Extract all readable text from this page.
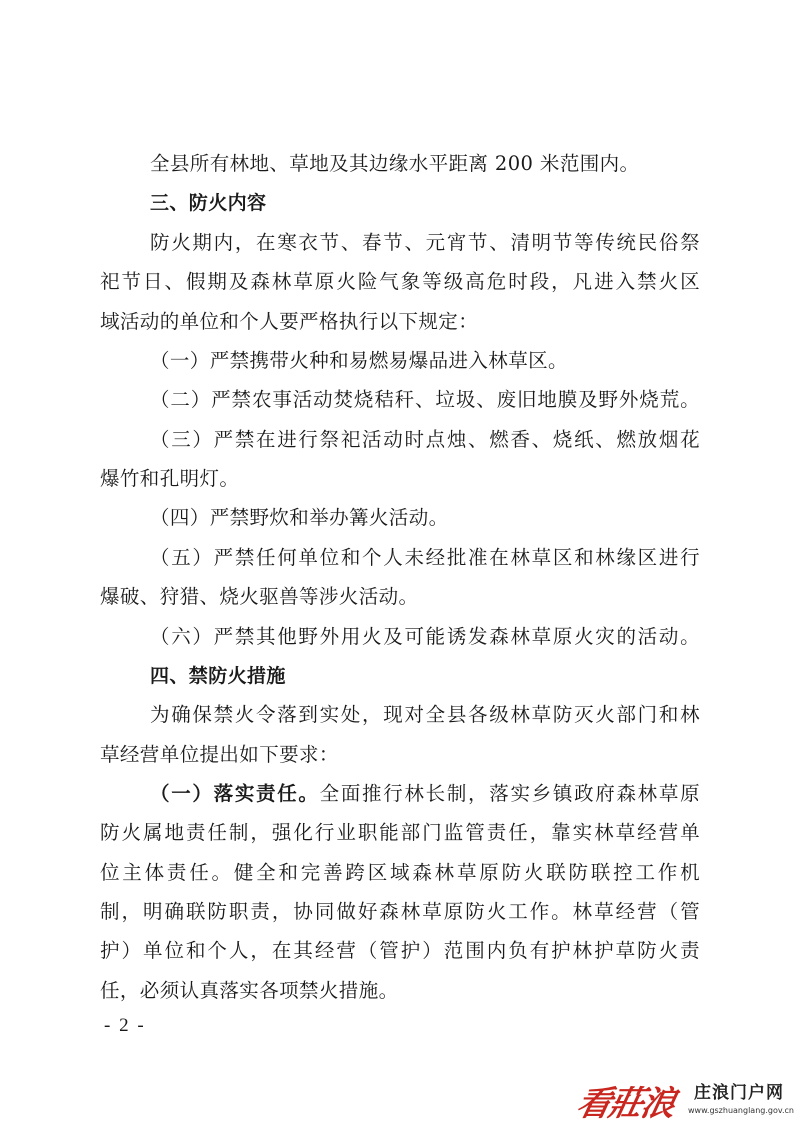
全县所有林地、草地及其边缘水平距离 200 米范围内。
三、防火内容
防火期内，在寒衣节、春节、元宵节、清明节等传统民俗祭
祀节日、假期及森林草原火险气象等级高危时段，凡进入禁火区
域活动的单位和个人要严格执行以下规定：
（一）严禁携带火种和易燃易爆品进入林草区。
（二）严禁农事活动焚烧秸秆、垃圾、废旧地膜及野外烧荒。
（三）严禁在进行祭祀活动时点烛、燃香、烧纸、燃放烟花
爆竹和孔明灯。
（四）严禁野炊和举办篝火活动。
（五）严禁任何单位和个人未经批准在林草区和林缘区进行
爆破、狩猎、烧火驱兽等涉火活动。
（六）严禁其他野外用火及可能诱发森林草原火灾的活动。
四、禁防火措施
为确保禁火令落到实处，现对全县各级林草防灭火部门和林
草经营单位提出如下要求：
（一）落实责任。全面推行林长制，落实乡镇政府森林草原
防火属地责任制，强化行业职能部门监管责任，靠实林草经营单
位主体责任。健全和完善跨区域森林草原防火联防联控工作机
制，明确联防职责，协同做好森林草原防火工作。林草经营（管
护）单位和个人，在其经营（管护）范围内负有护林护草防火责
任，必须认真落实各项禁火措施。
- 2 -
看莊浪 庄浪门户网
www.gszhuanglang.gov.cn
